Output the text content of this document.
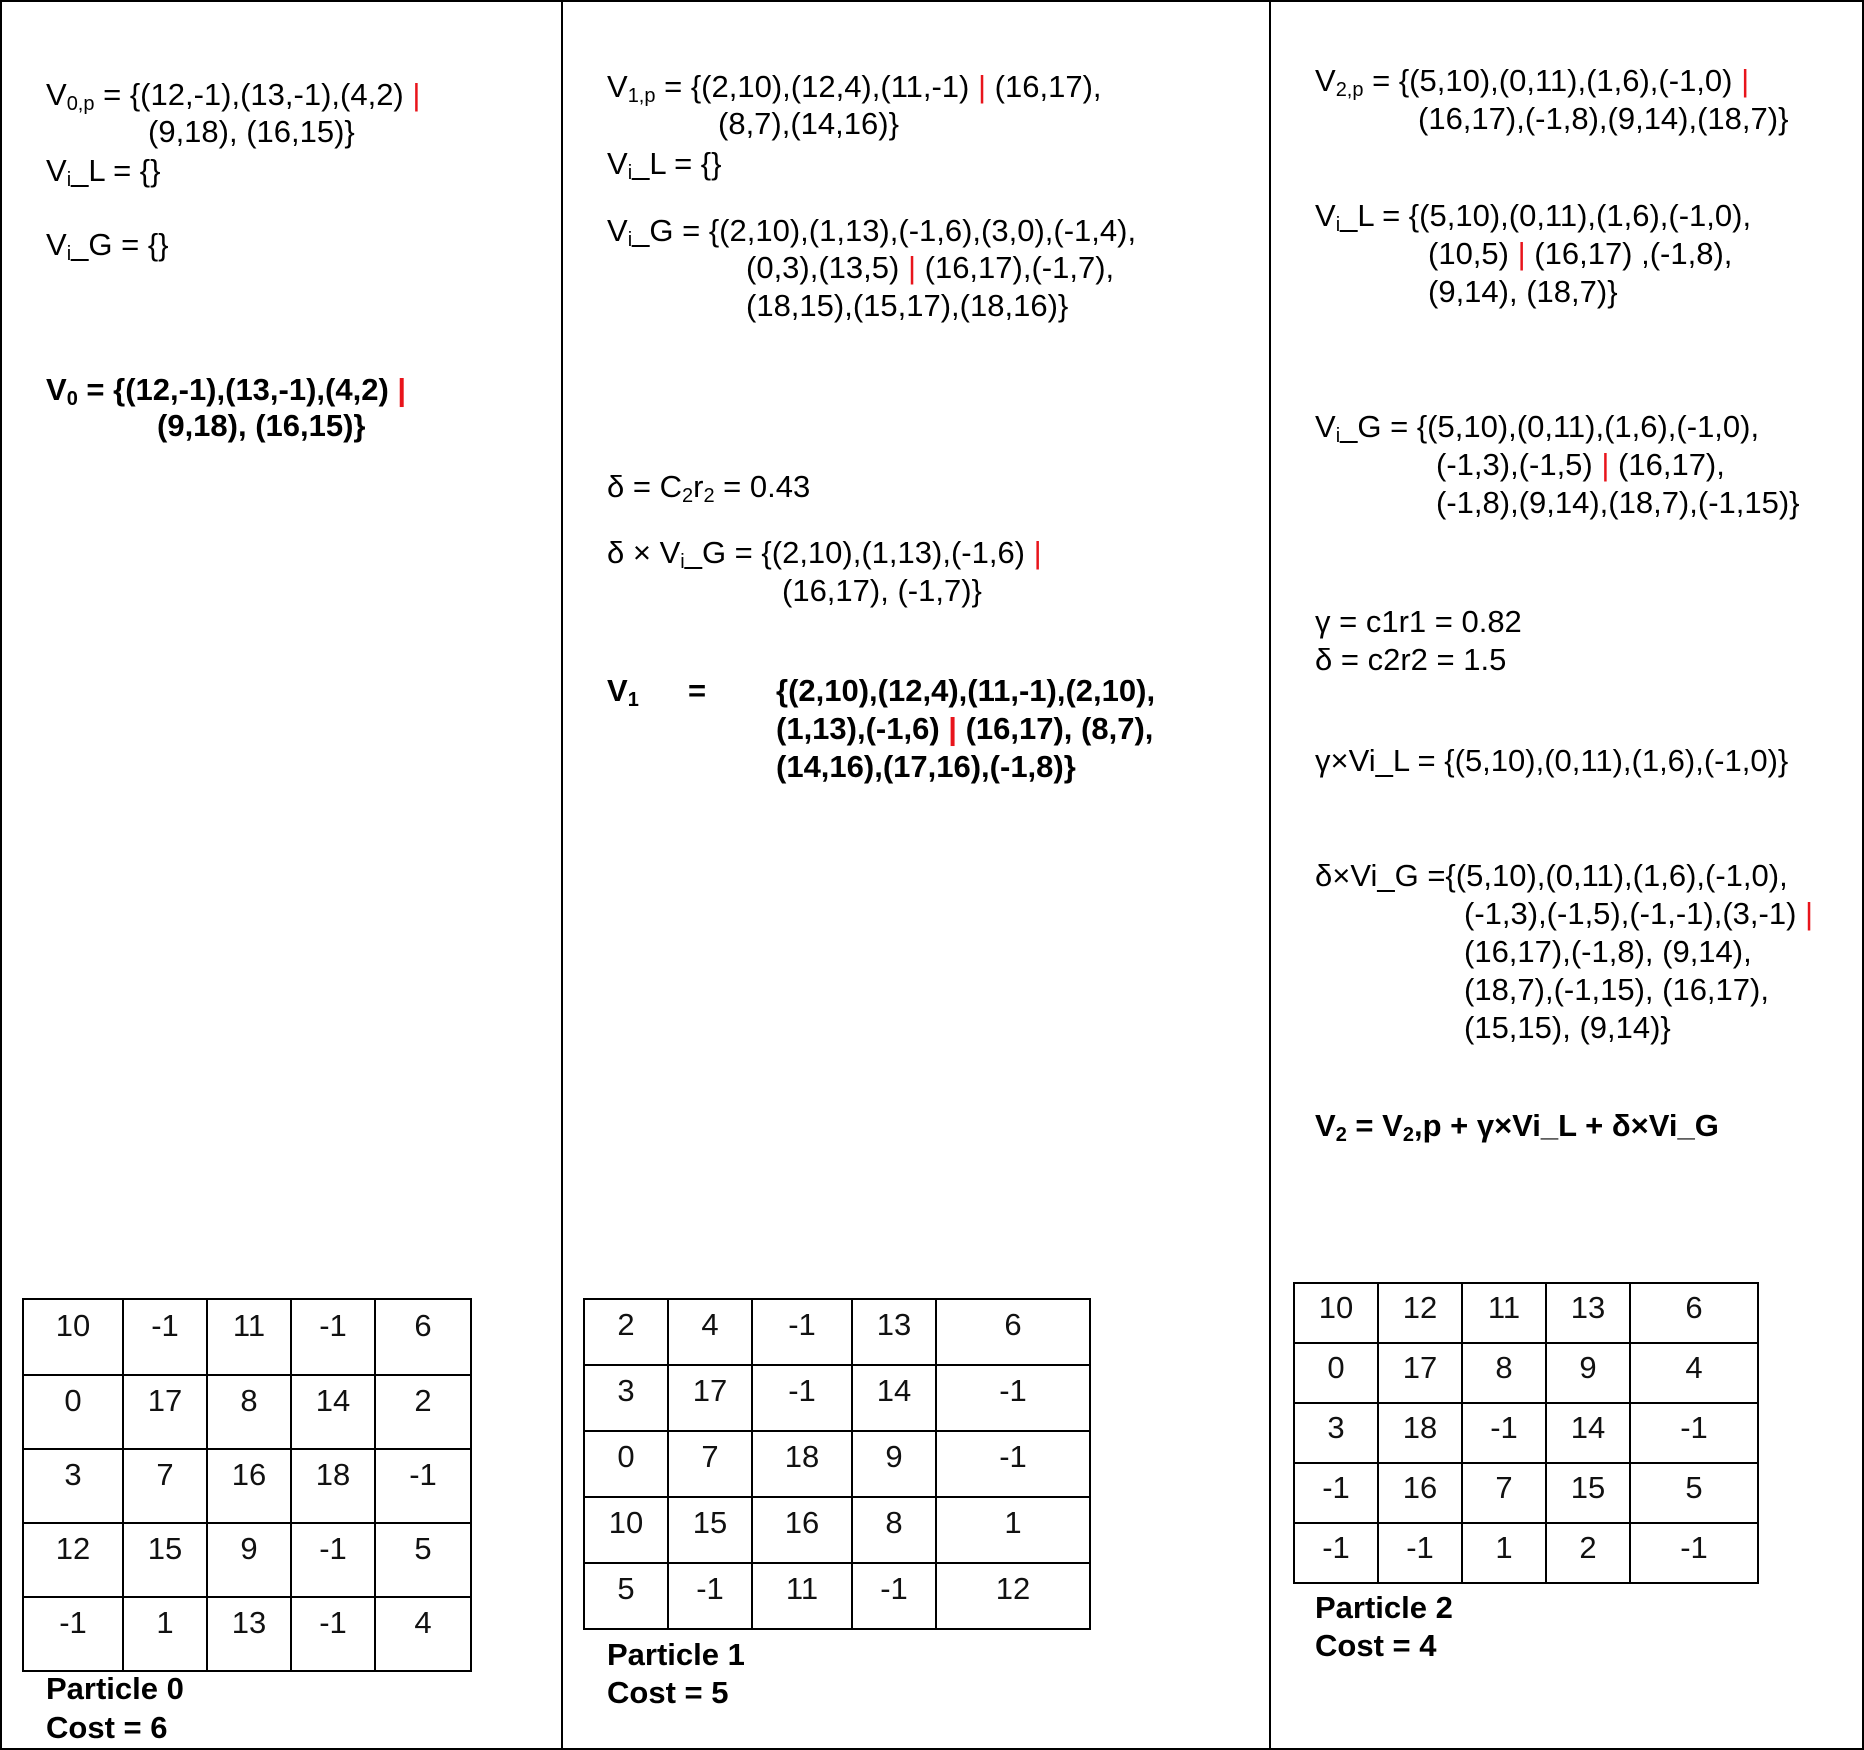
$V_{0,p} = \{(12,-1),(13,-1),(4,2)$ |
(9,18), (16,15)}
$V_i\_L$ = {}
$V_i\_G$ = {}
$V_0 = \{(12,-1),(13,-1),(4,2)$ |
(9,18), (16,15)}
10	-1	11	-1	6
0	17	8	14	2
3	7	16	18	-1
12	15	9	-1	5
-1	1	13	-1	4
Particle 0
Cost = 6
$V_{1,p} = \{(2,10),(12,4),(11,-1)$ | (16,17),
(8,7),(14,16)}
$V_i\_L$ = {}
$V_i\_G = \{(2,10),(1,13),(-1,6),(3,0),(-1,4)$,
(0,3),(13,5) | (16,17),(-1,7),
(18,15),(15,17),(18,16)}
$\delta = C_2r_2 = 0.43$
$\delta \times V_i\_G = \{(2,10),(1,13),(-1,6)$ |
(16,17), (-1,7)}
$V_1 = \{(2,10),(12,4),(11,-1),(2,10)$,
(1,13),(-1,6) | (16,17), (8,7),
(14,16),(17,16),(-1,8)}
2	4	-1	13	6
3	17	-1	14	-1
0	7	18	9	-1
10	15	16	8	1
5	-1	11	-1	12
Particle 1
Cost = 5
$V_{2,p} = \{(5,10),(0,11),(1,6),(-1,0)$ |
(16,17),(-1,8),(9,14),(18,7)}
$V_i\_L = \{(5,10),(0,11),(1,6),(-1,0)$,
(10,5) | (16,17) ,(-1,8),
(9,14), (18,7)}
$V_i\_G = \{(5,10),(0,11),(1,6),(-1,0)$,
(-1,3),(-1,5) | (16,17),
(-1,8),(9,14),(18,7),(-1,15)}
γ = c1r1 = 0.82
δ = c2r2 = 1.5
γ×Vi_L = {(5,10),(0,11),(1,6),(-1,0)}
δ×Vi_G ={(5,10),(0,11),(1,6),(-1,0),
(-1,3),(-1,5),(-1,-1),(3,-1) |
(16,17),(-1,8), (9,14),
(18,7),(-1,15), (16,17),
(15,15), (9,14)}
$V_2 = V_2,p$ + γ×Vi_L + δ×Vi_G
10	12	11	13	6
0	17	8	9	4
3	18	-1	14	-1
-1	16	7	15	5
-1	-1	1	2	-1
Particle 2
Cost = 4
